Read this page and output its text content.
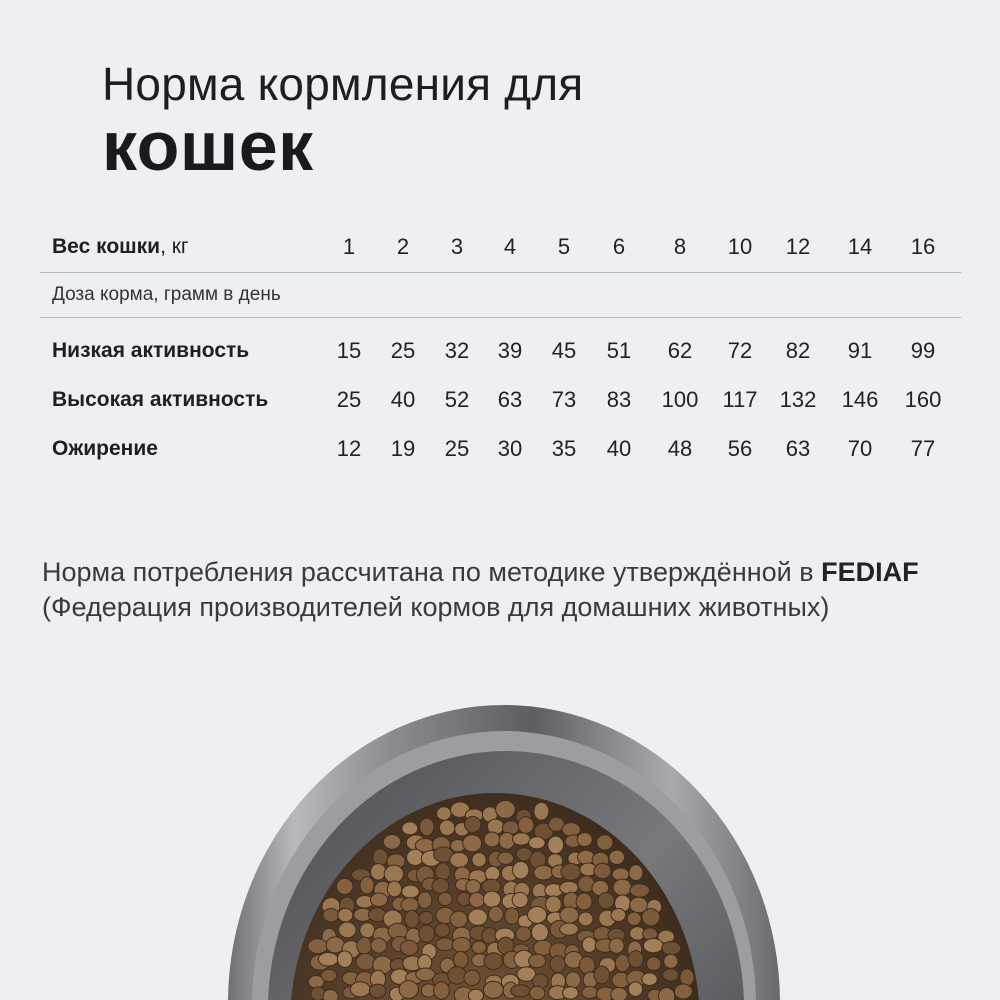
Норма кормления для
кошек
Вес кошки, кг	1 2 3 4 5 6 8 10 12 14 16
Доза корма, грамм в день
Низкая активность	15 25 32 39 45 51 62 72 82 91 99
Высокая активность	25 40 52 63 73 83 100 117 132 146 160
Ожирение	12 19 25 30 35 40 48 56 63 70 77

Норма потребления рассчитана по методике утверждённой в FEDIAF (Федерация производителей кормов для домашних животных)
